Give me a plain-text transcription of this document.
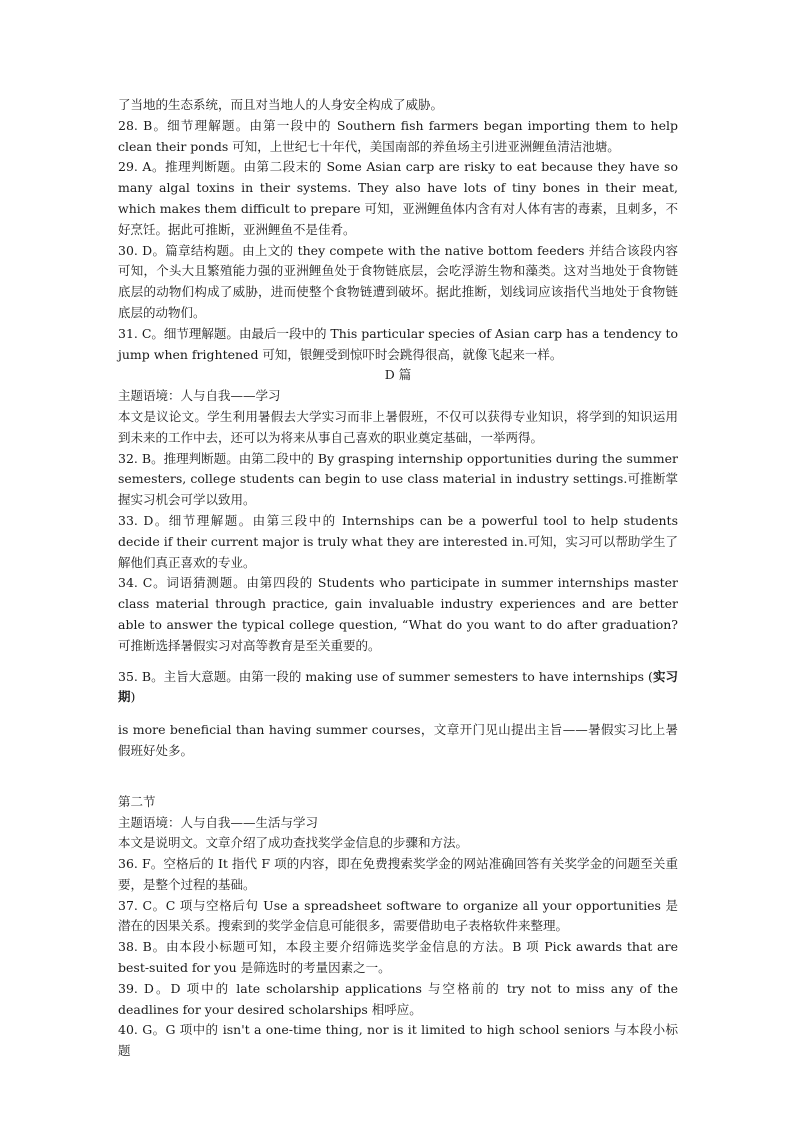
了当地的生态系统，而且对当地人的人身安全构成了威胁。

28. B。细节理解题。由第一段中的 Southern fish farmers began importing them to help clean their ponds 可知，上世纪七十年代，美国南部的养鱼场主引进亚洲鲤鱼清洁池塘。

29. A。推理判断题。由第二段末的 Some Asian carp are risky to eat because they have so many algal toxins in their systems. They also have lots of tiny bones in their meat, which makes them difficult to prepare 可知，亚洲鲤鱼体内含有对人体有害的毒素，且刺多，不好烹饪。据此可推断，亚洲鲤鱼不是佳肴。

30. D。篇章结构题。由上文的 they compete with the native bottom feeders 并结合该段内容可知，个头大且繁殖能力强的亚洲鲤鱼处于食物链底层，会吃浮游生物和藻类。这对当地处于食物链底层的动物们构成了威胁，进而使整个食物链遭到破坏。据此推断，划线词应该指代当地处于食物链底层的动物们。

31. C。细节理解题。由最后一段中的 This particular species of Asian carp has a tendency to jump when frightened 可知，银鲤受到惊吓时会跳得很高，就像飞起来一样。

D 篇

主题语境：人与自我——学习

本文是议论文。学生利用暑假去大学实习而非上暑假班，不仅可以获得专业知识，将学到的知识运用到未来的工作中去，还可以为将来从事自己喜欢的职业奠定基础，一举两得。

32. B。推理判断题。由第二段中的 By grasping internship opportunities during the summer semesters, college students can begin to use class material in industry settings.可推断掌握实习机会可学以致用。

33. D。细节理解题。由第三段中的 Internships can be a powerful tool to help students decide if their current major is truly what they are interested in.可知，实习可以帮助学生了解他们真正喜欢的专业。

34. C。词语猜测题。由第四段的 Students who participate in summer internships master class material through practice, gain invaluable industry experiences and are better able to answer the typical college question, “What do you want to do after graduation?可推断选择暑假实习对高等教育是至关重要的。

35. B。主旨大意题。由第一段的 making use of summer semesters to have internships (实习期)

is more beneficial than having summer courses，文章开门见山提出主旨——暑假实习比上暑假班好处多。

第二节

主题语境：人与自我——生活与学习

本文是说明文。文章介绍了成功查找奖学金信息的步骤和方法。

36. F。空格后的 It 指代 F 项的内容，即在免费搜索奖学金的网站准确回答有关奖学金的问题至关重要，是整个过程的基础。

37. C。C 项与空格后句 Use a spreadsheet software to organize all your opportunities 是潜在的因果关系。搜索到的奖学金信息可能很多，需要借助电子表格软件来整理。

38. B。由本段小标题可知，本段主要介绍筛选奖学金信息的方法。B 项 Pick awards that are best-suited for you 是筛选时的考量因素之一。

39. D。D 项中的 late scholarship applications 与空格前的 try not to miss any of the deadlines for your desired scholarships 相呼应。

40. G。G 项中的 isn't a one-time thing, nor is it limited to high school seniors 与本段小标题
